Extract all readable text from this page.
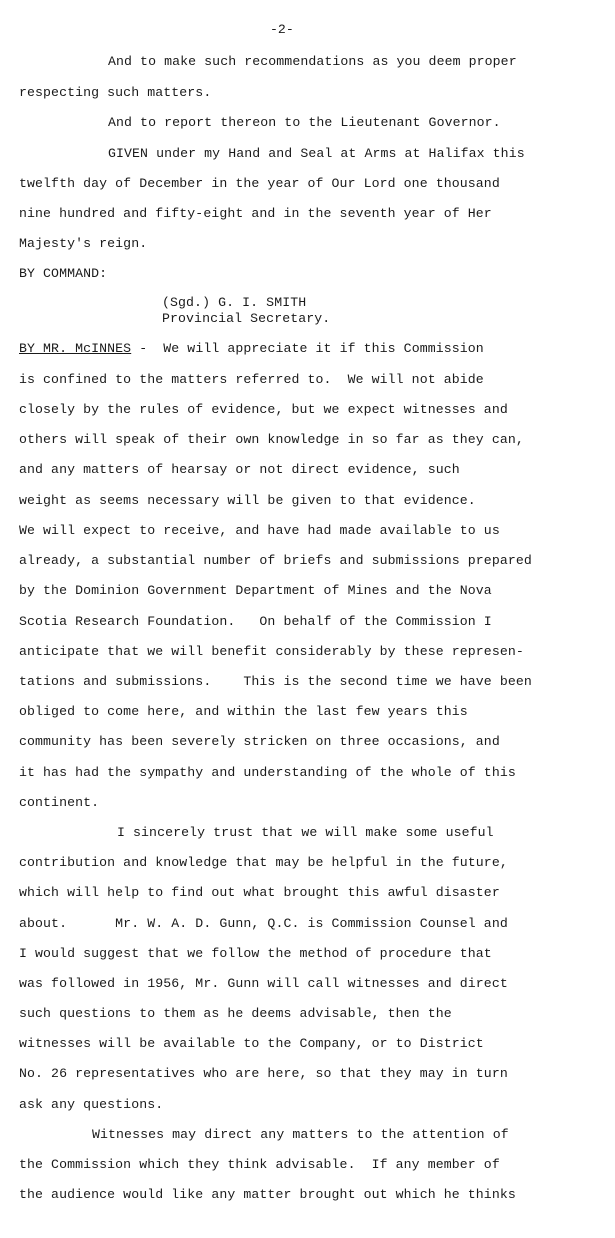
-2-
And to make such recommendations as you deem proper
respecting such matters.
And to report thereon to the Lieutenant Governor.
GIVEN under my Hand and Seal at Arms at Halifax this
twelfth day of December in the year of Our Lord one thousand
nine hundred and fifty-eight and in the seventh year of Her
Majesty's reign.
BY COMMAND:
(Sgd.) G. I. SMITH
Provincial Secretary.
BY MR. McINNES -  We will appreciate it if this Commission
is confined to the matters referred to.  We will not abide
closely by the rules of evidence, but we expect witnesses and
others will speak of their own knowledge in so far as they can,
and any matters of hearsay or not direct evidence, such
weight as seems necessary will be given to that evidence.
We will expect to receive, and have had made available to us
already, a substantial number of briefs and submissions prepared
by the Dominion Government Department of Mines and the Nova
Scotia Research Foundation.   On behalf of the Commission I
anticipate that we will benefit considerably by these represen-
tations and submissions.    This is the second time we have been
obliged to come here, and within the last few years this
community has been severely stricken on three occasions, and
it has had the sympathy and understanding of the whole of this
continent.
I sincerely trust that we will make some useful
contribution and knowledge that may be helpful in the future,
which will help to find out what brought this awful disaster
about.      Mr. W. A. D. Gunn, Q.C. is Commission Counsel and
I would suggest that we follow the method of procedure that
was followed in 1956, Mr. Gunn will call witnesses and direct
such questions to them as he deems advisable, then the
witnesses will be available to the Company, or to District
No. 26 representatives who are here, so that they may in turn
ask any questions.
Witnesses may direct any matters to the attention of
the Commission which they think advisable.  If any member of
the audience would like any matter brought out which he thinks
